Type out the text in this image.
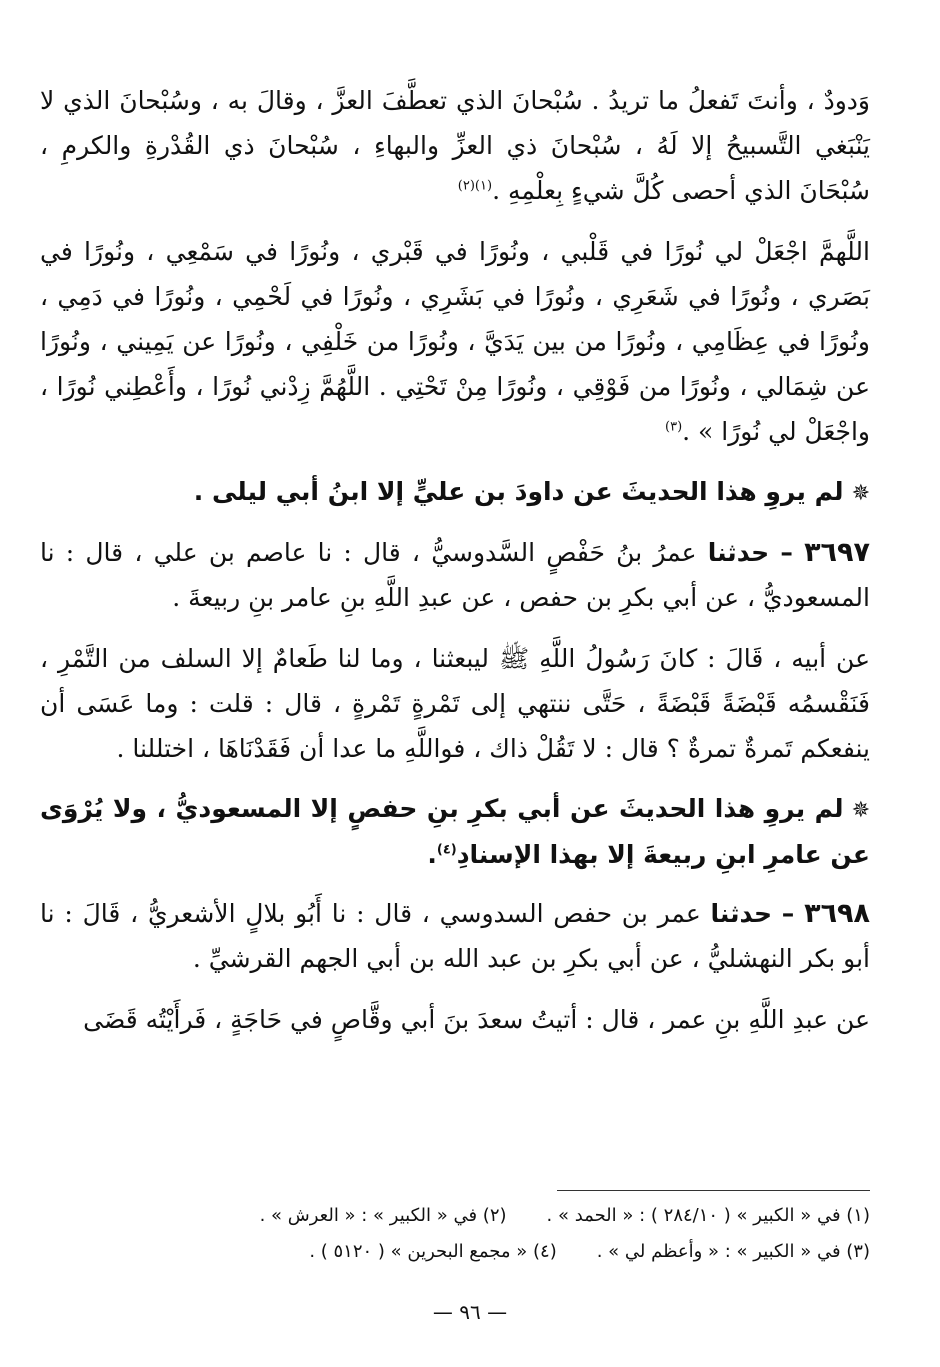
وَدودٌ ، وأنتَ تَفعلُ ما تريدُ . سُبْحانَ الذي تعطَّفَ العزَّ ، وقالَ به ، وسُبْحانَ الذي لا يَنْبَغي التَّسبيحُ إلا لَهُ ، سُبْحانَ ذي العزِّ والبهاءِ ، سُبْحانَ ذي القُدْرةِ والكرمِ ، سُبْحَانَ الذي أحصى كُلَّ شيءٍ بِعلْمِهِ .$^{(١)(٢)}$

اللَّهمَّ اجْعَلْ لي نُورًا في قَلْبي ، ونُورًا في قَبْري ، ونُورًا في سَمْعِي ، ونُورًا في بَصَري ، ونُورًا في شَعَرِي ، ونُورًا في بَشَرِي ، ونُورًا في لَحْمِي ، ونُورًا في دَمِي ، ونُورًا في عِظَامِي ، ونُورًا من بين يَدَيَّ ، ونُورًا من خَلْفِي ، ونُورًا عن يَمِيني ، ونُورًا عن شِمَالي ، ونُورًا من فَوْقِي ، ونُورًا مِنْ تَحْتِي . اللَّهُمَّ زِدْني نُورًا ، وأَعْطِني نُورًا ، واجْعَلْ لي نُورًا » .$^{(٣)}$

✵لم يروِ هذا الحديثَ عن داودَ بن عليٍّ إلا ابنُ أبي ليلى .

٣٦٩٧ – حدثنا عمرُ بنُ حَفْصٍ السَّدوسيُّ ، قال : نا عاصم بن علي ، قال : نا المسعوديُّ ، عن أبي بكرِ بن حفص ، عن عبدِ اللَّهِ بنِ عامر بنِ ربيعةَ .

عن أبيه ، قَالَ : كانَ رَسُولُ اللَّهِ ﷺ ليبعثنا ، وما لنا طَعامٌ إلا السلف من التَّمْرِ ، فَنَقْسمُه قَبْضَةً قَبْضَةً ، حَتَّى ننتهي إلى تَمْرةٍ تَمْرةٍ ، قال : قلت : وما عَسَى أن ينفعكم تَمرةٌ تمرةٌ ؟ قال : لا تَقُلْ ذاك ، فواللَّهِ ما عدا أن فَقَدْنَاهَا ، اختللنا .

✵لم يروِ هذا الحديثَ عن أبي بكرِ بنِ حفصٍ إلا المسعوديُّ ، ولا يُرْوَى عن عامرِ ابنِ ربيعةَ إلا بهذا الإسنادِ$^{(٤)}$.

٣٦٩٨ – حدثنا عمر بن حفص السدوسي ، قال : نا أَبُو بلالٍ الأشعريُّ ، قَالَ : نا أبو بكر النهشليُّ ، عن أبي بكرِ بن عبد الله بن أبي الجهم القرشيِّ .

عن عبدِ اللَّهِ بنِ عمر ، قال : أتيتُ سعدَ بنَ أبي وقَّاصٍ في حَاجَةٍ ، فَرأَيْتُه قَضَى

(١) في « الكبير » ( ٢٨٤/١٠ ) : « الحمد » .
(٢) في « الكبير » : « العرش » .
(٣) في « الكبير » : « وأعظم لي » .
(٤) « مجمع البحرين » ( ٥١٢٠ ) .
— ٩٦ —
